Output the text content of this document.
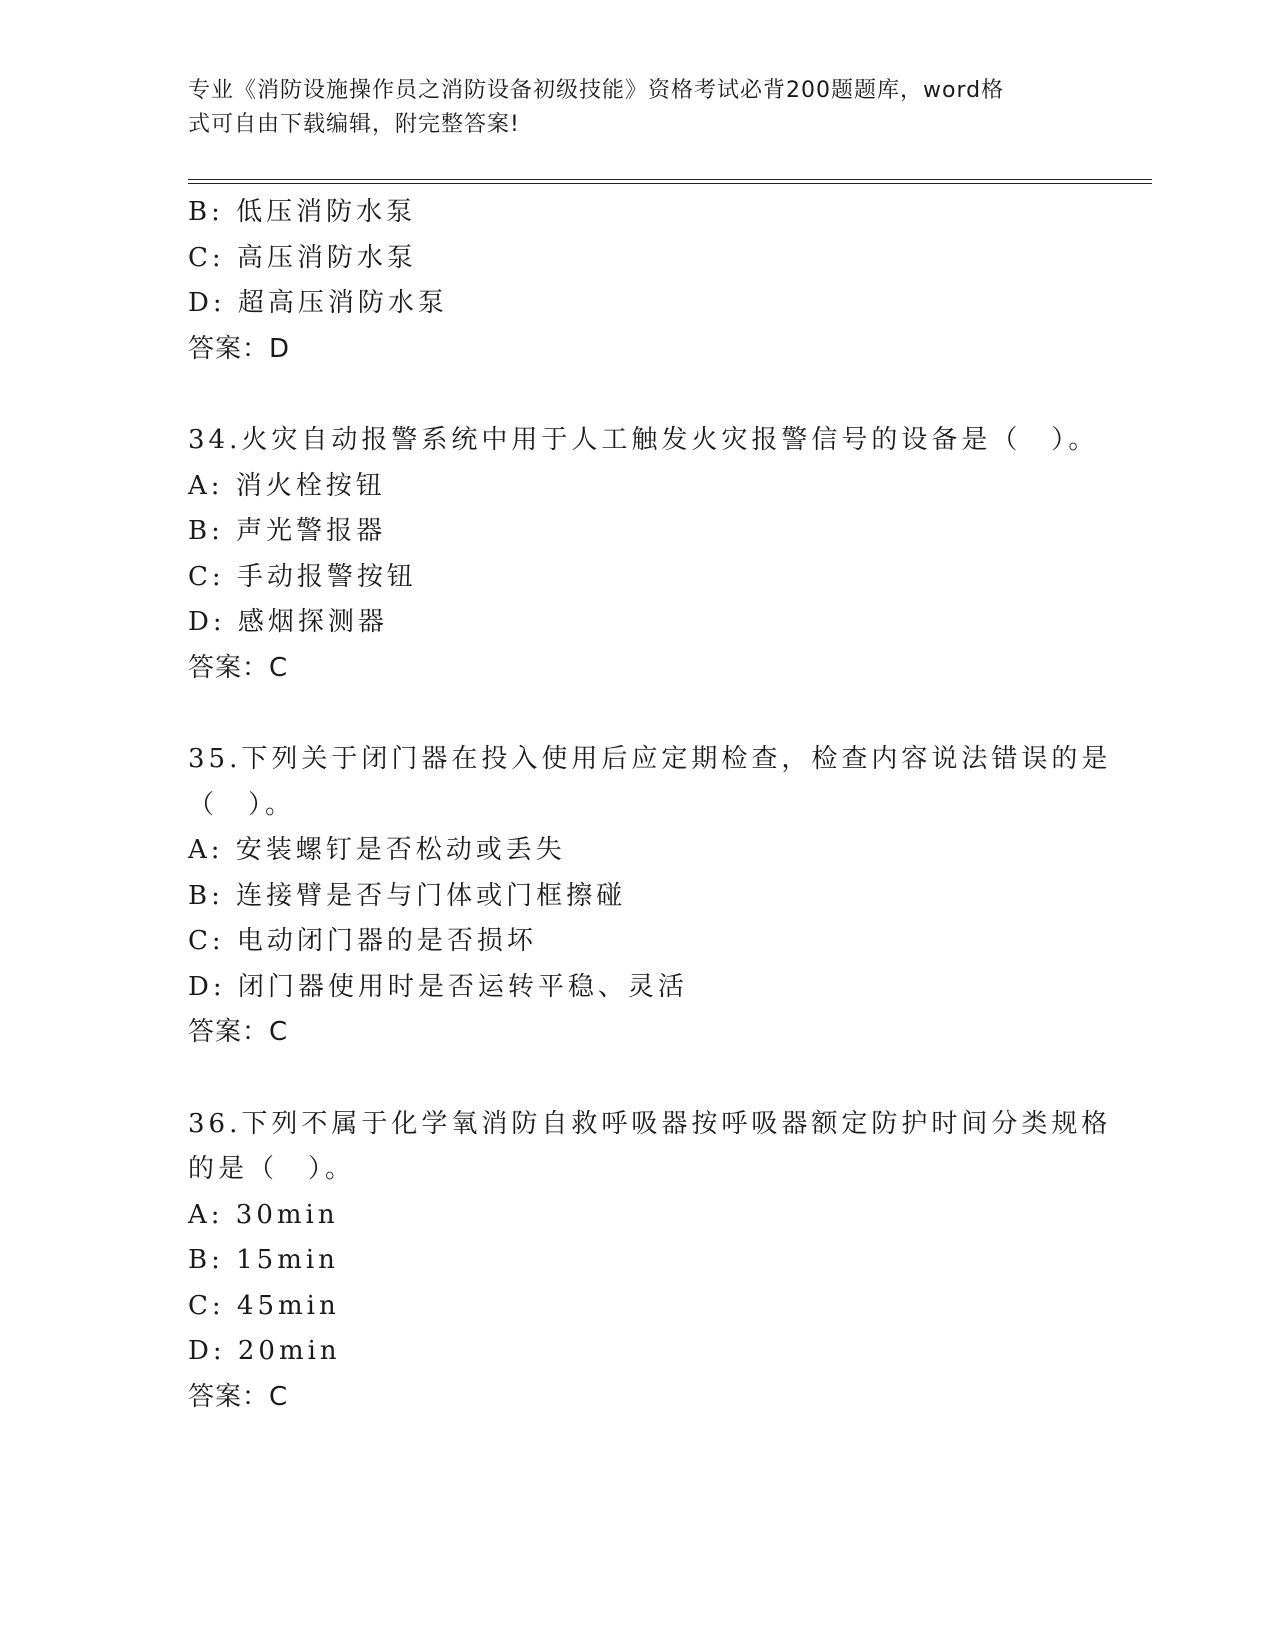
专业《消防设施操作员之消防设备初级技能》资格考试必背200题题库，word格
式可自由下载编辑，附完整答案!
B: 低压消防水泵
C: 高压消防水泵
D: 超高压消防水泵
答案：D
34.火灾自动报警系统中用于人工触发火灾报警信号的设备是（　）。
A: 消火栓按钮
B: 声光警报器
C: 手动报警按钮
D: 感烟探测器
答案：C
35.下列关于闭门器在投入使用后应定期检查，检查内容说法错误的是
（　）。
A: 安装螺钉是否松动或丢失
B: 连接臂是否与门体或门框擦碰
C: 电动闭门器的是否损坏
D: 闭门器使用时是否运转平稳、灵活
答案：C
36.下列不属于化学氧消防自救呼吸器按呼吸器额定防护时间分类规格
的是（　）。
A: 30min
B: 15min
C: 45min
D: 20min
答案：C
